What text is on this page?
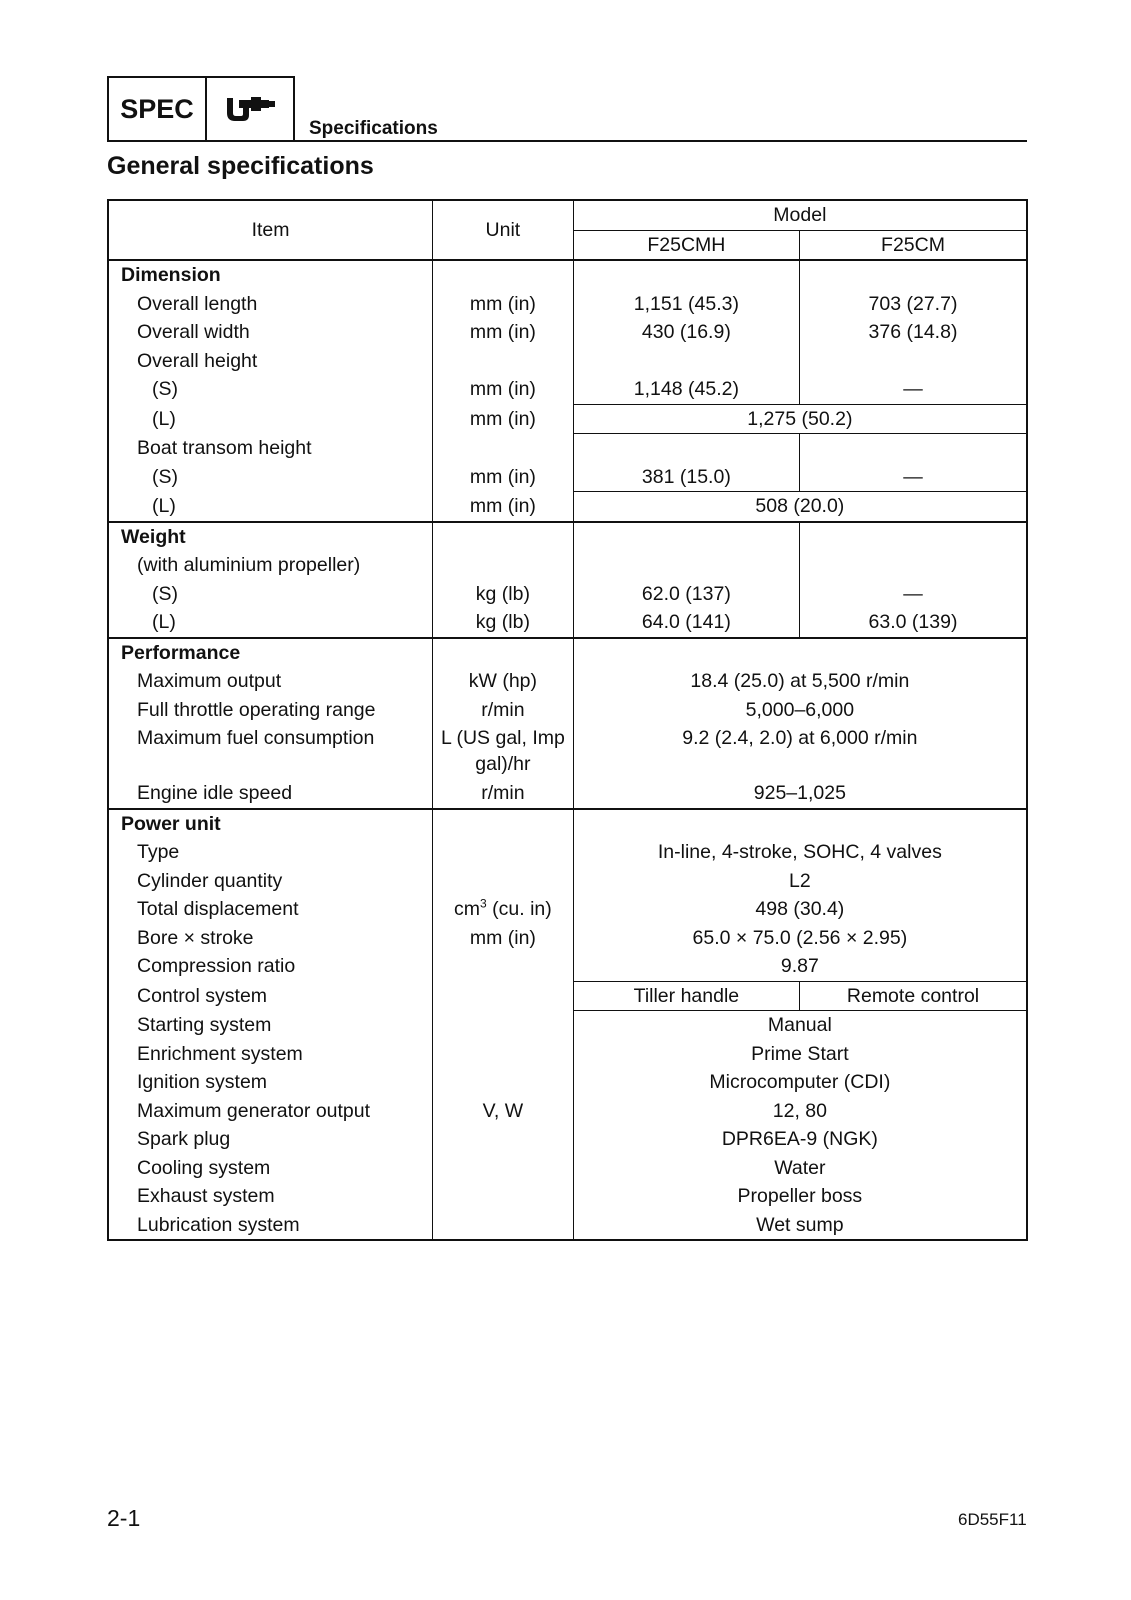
SPEC
Specifications
General specifications
Item	Unit	Model	
		F25CMH	F25CM
Dimension			
Overall length	mm (in)	1,151 (45.3)	703 (27.7)
Overall width	mm (in)	430 (16.9)	376 (14.8)
Overall height			
(S)	mm (in)	1,148 (45.2)	—
(L)	mm (in)	1,275 (50.2)	
Boat transom height			
(S)	mm (in)	381 (15.0)	—
(L)	mm (in)	508 (20.0)	
Weight			
(with aluminium propeller)			
(S)	kg (lb)	62.0 (137)	—
(L)	kg (lb)	64.0 (141)	63.0 (139)
Performance			
Maximum output	kW (hp)	18.4 (25.0) at 5,500 r/min	
Full throttle operating range	r/min	5,000–6,000	
Maximum fuel consumption	L (US gal, Imp gal)/hr	9.2 (2.4, 2.0) at 6,000 r/min	
Engine idle speed	r/min	925–1,025	
Power unit			
Type		In-line, 4-stroke, SOHC, 4 valves	
Cylinder quantity		L2	
Total displacement	$cm^3$ (cu. in)	498 (30.4)	
Bore × stroke	mm (in)	65.0 × 75.0 (2.56 × 2.95)	
Compression ratio		9.87	
Control system		Tiller handle	Remote control
Starting system		Manual	
Enrichment system		Prime Start	
Ignition system		Microcomputer (CDI)	
Maximum generator output	V, W	12, 80	
Spark plug		DPR6EA-9 (NGK)	
Cooling system		Water	
Exhaust system		Propeller boss	
Lubrication system		Wet sump	
2-1	6D55F11
